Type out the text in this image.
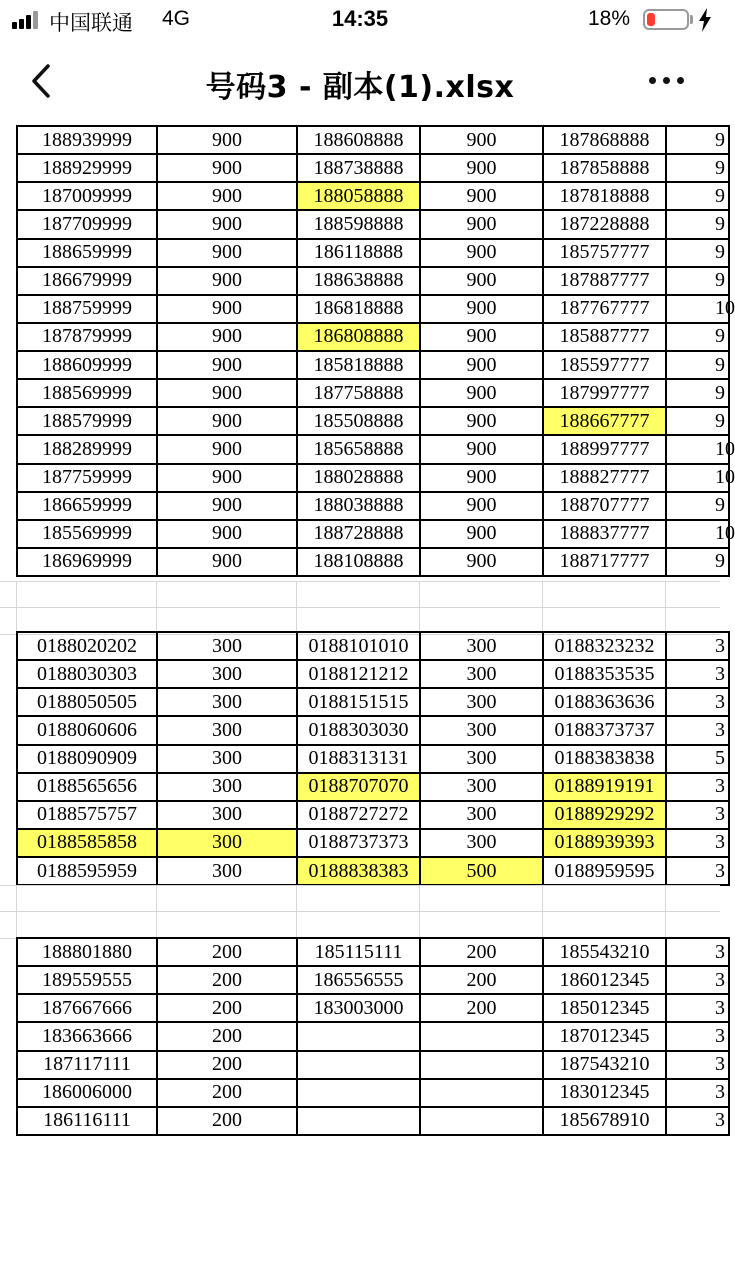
中国联通 4G	14:35	18%
号码3 - 副本(1).xlsx
188939999	900	188608888	900	187868888	9
188929999	900	188738888	900	187858888	9
187009999	900	188058888	900	187818888	9
187709999	900	188598888	900	187228888	9
188659999	900	186118888	900	185757777	9
186679999	900	188638888	900	187887777	9
188759999	900	186818888	900	187767777	10
187879999	900	186808888	900	185887777	9
188609999	900	185818888	900	185597777	9
188569999	900	187758888	900	187997777	9
188579999	900	185508888	900	188667777	9
188289999	900	185658888	900	188997777	10
187759999	900	188028888	900	188827777	10
186659999	900	188038888	900	188707777	9
185569999	900	188728888	900	188837777	10
186969999	900	188108888	900	188717777	9
0188020202	300	0188101010	300	0188323232	3
0188030303	300	0188121212	300	0188353535	3
0188050505	300	0188151515	300	0188363636	3
0188060606	300	0188303030	300	0188373737	3
0188090909	300	0188313131	300	0188383838	5
0188565656	300	0188707070	300	0188919191	3
0188575757	300	0188727272	300	0188929292	3
0188585858	300	0188737373	300	0188939393	3
0188595959	300	0188838383	500	0188959595	3
188801880	200	185115111	200	185543210	3
189559555	200	186556555	200	186012345	3
187667666	200	183003000	200	185012345	3
183663666	200			187012345	3
187117111	200			187543210	3
186006000	200			183012345	3
186116111	200			185678910	3
